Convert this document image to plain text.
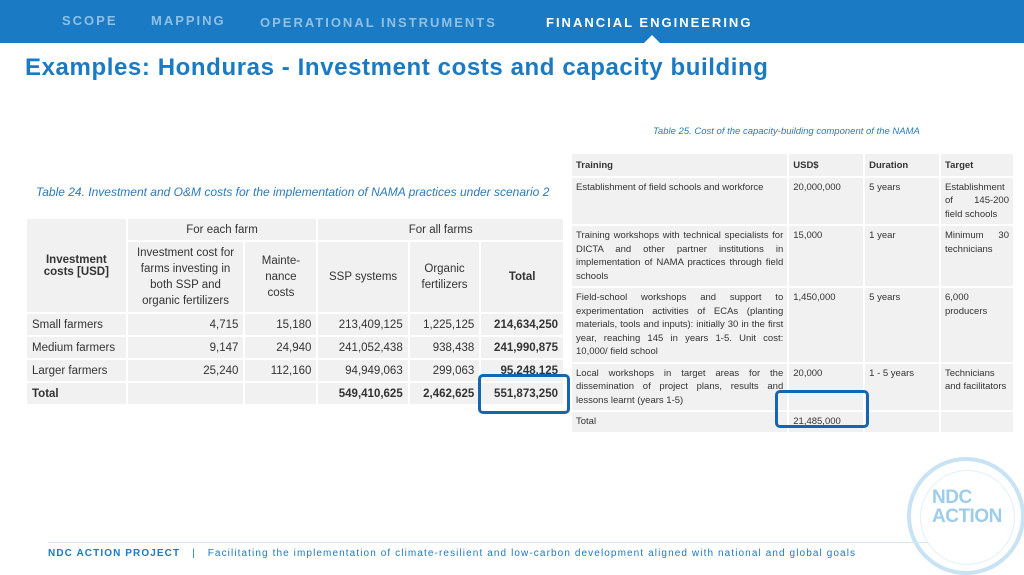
SCOPE	MAPPING	OPERATIONAL INSTRUMENTS	FINANCIAL ENGINEERING
Examples: Honduras - Investment costs and capacity building
Table 24. Investment and O&M costs for the implementation of NAMA practices under scenario 2
Investment costs [USD]	For each farm		For all farms		
	Investment cost for farms investing in both SSP and organic fertilizers	Mainte-nance costs	SSP systems	Organic fertilizers	Total
Small farmers	4,715	15,180	213,409,125	1,225,125	214,634,250
Medium farmers	9,147	24,940	241,052,438	938,438	241,990,875
Larger farmers	25,240	112,160	94,949,063	299,063	95,248,125
Total			549,410,625	2,462,625	551,873,250
Table 25. Cost of the capacity-building component of the NAMA
Training	USD$	Duration	Target
Establishment of field schools and workforce	20,000,000	5 years	Establishment of 145-200 field schools
Training workshops with technical specialists for DICTA and other partner institutions in implementation of NAMA practices through field schools	15,000	1 year	Minimum 30 technicians
Field-school workshops and support to experimentation activities of ECAs (planting materials, tools and inputs): initially 30 in the first year, reaching 145 in years 1-5. Unit cost: 10,000/ field school	1,450,000	5 years	6,000 producers
Local workshops in target areas for the dissemination of project plans, results and lessons learnt (years 1-5)	20,000	1 - 5 years	Technicians and facilitators
Total	21,485,000		
NDC
ACTION
NDC ACTION PROJECT | Facilitating the implementation of climate-resilient and low-carbon development aligned with national and global goals
